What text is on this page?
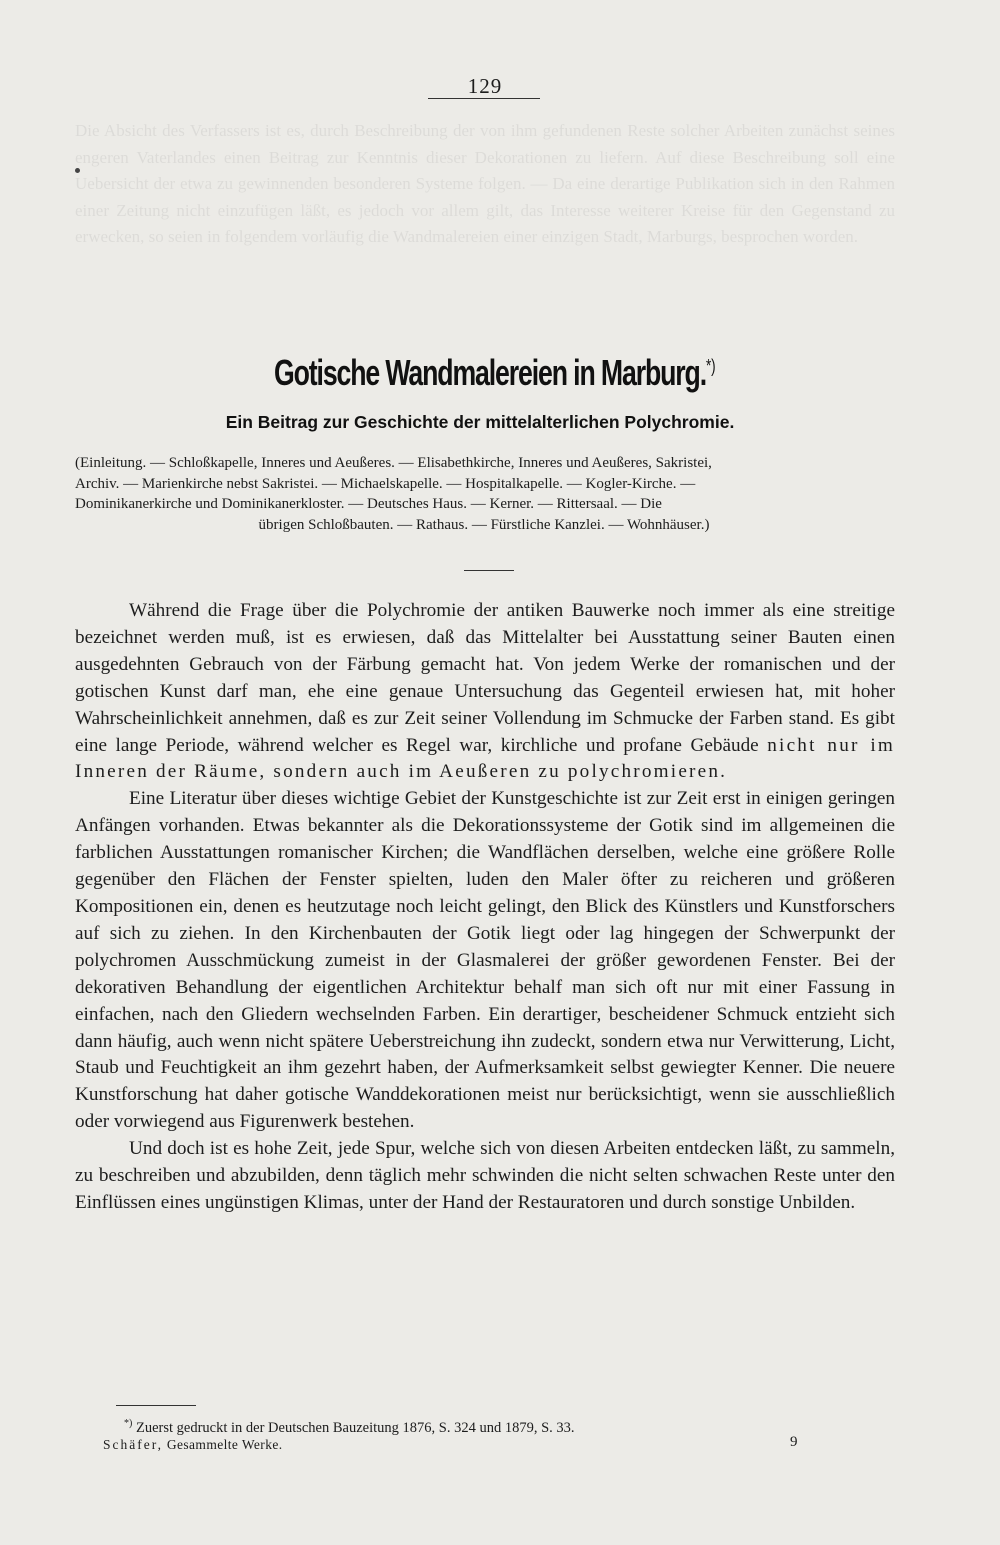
Die Absicht des Verfassers ist es, durch Beschreibung der von ihm gefundenen Reste solcher Arbeiten zunächst seines engeren Vaterlandes einen Beitrag zur Kenntnis dieser Dekorationen zu liefern. Auf diese Beschreibung soll eine Uebersicht der etwa zu gewinnenden besonderen Systeme folgen. — Da eine derartige Publikation sich in den Rahmen einer Zeitung nicht einzufügen läßt, es jedoch vor allem gilt, das Interesse weiterer Kreise für den Gegenstand zu erwecken, so seien in folgendem vorläufig die Wandmalereien einer einzigen Stadt, Marburgs, besprochen worden.

129
Gotische Wandmalereien in Marburg.*)
Ein Beitrag zur Geschichte der mittelalterlichen Polychromie.
(Einleitung. — Schloßkapelle, Inneres und Aeußeres. — Elisabethkirche, Inneres und Aeußeres, Sakristei,
Archiv. — Marienkirche nebst Sakristei. — Michaelskapelle. — Hospitalkapelle. — Kogler-Kirche. —
Dominikanerkirche und Dominikanerkloster. — Deutsches Haus. — Kerner. — Rittersaal. — Die
übrigen Schloßbauten. — Rathaus. — Fürstliche Kanzlei. — Wohnhäuser.)

Während die Frage über die Polychromie der antiken Bauwerke noch immer als eine streitige bezeichnet werden muß, ist es erwiesen, daß das Mittelalter bei Ausstattung seiner Bauten einen ausgedehnten Gebrauch von der Färbung gemacht hat. Von jedem Werke der romanischen und der gotischen Kunst darf man, ehe eine genaue Untersuchung das Gegenteil erwiesen hat, mit hoher Wahrscheinlichkeit annehmen, daß es zur Zeit seiner Vollendung im Schmucke der Farben stand. Es gibt eine lange Periode, während welcher es Regel war, kirchliche und profane Gebäude nicht nur im Inneren der Räume, sondern auch im Aeußeren zu polychromieren.

Eine Literatur über dieses wichtige Gebiet der Kunstgeschichte ist zur Zeit erst in einigen geringen Anfängen vorhanden. Etwas bekannter als die Dekorationssysteme der Gotik sind im allgemeinen die farblichen Ausstattungen romanischer Kirchen; die Wandflächen derselben, welche eine größere Rolle gegenüber den Flächen der Fenster spielten, luden den Maler öfter zu reicheren und größeren Kompositionen ein, denen es heutzutage noch leicht gelingt, den Blick des Künstlers und Kunstforschers auf sich zu ziehen. In den Kirchenbauten der Gotik liegt oder lag hingegen der Schwerpunkt der polychromen Ausschmückung zumeist in der Glasmalerei der größer gewordenen Fenster. Bei der dekorativen Behandlung der eigentlichen Architektur behalf man sich oft nur mit einer Fassung in einfachen, nach den Gliedern wechselnden Farben. Ein derartiger, bescheidener Schmuck entzieht sich dann häufig, auch wenn nicht spätere Ueberstreichung ihn zudeckt, sondern etwa nur Verwitterung, Licht, Staub und Feuchtigkeit an ihm gezehrt haben, der Aufmerksamkeit selbst gewiegter Kenner. Die neuere Kunstforschung hat daher gotische Wanddekorationen meist nur berücksichtigt, wenn sie ausschließlich oder vorwiegend aus Figurenwerk bestehen.

Und doch ist es hohe Zeit, jede Spur, welche sich von diesen Arbeiten entdecken läßt, zu sammeln, zu beschreiben und abzubilden, denn täglich mehr schwinden die nicht selten schwachen Reste unter den Einflüssen eines ungünstigen Klimas, unter der Hand der Restauratoren und durch sonstige Unbilden.

*) Zuerst gedruckt in der Deutschen Bauzeitung 1876, S. 324 und 1879, S. 33.
Schäfer, Gesammelte Werke.	9
